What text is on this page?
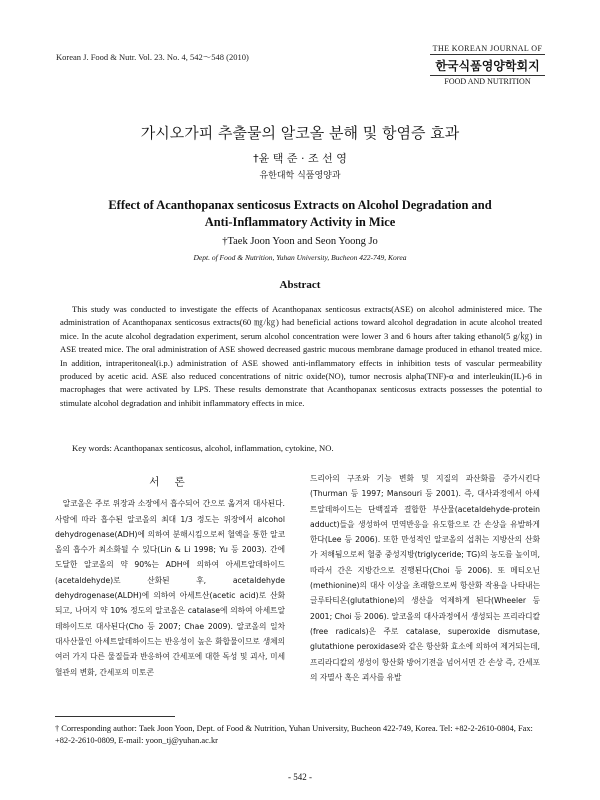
Korean J. Food & Nutr. Vol. 23. No. 4, 542～548 (2010)
THE KOREAN JOURNAL OF
한국식품영양학회지
FOOD AND NUTRITION
가시오가피 추출물의 알코올 분해 및 항염증 효과
†윤 택 준 · 조 선 영
유한대학 식품영양과
Effect of Acanthopanax senticosus Extracts on Alcohol Degradation and
Anti-Inflammatory Activity in Mice
†Taek Joon Yoon and Seon Yoong Jo
Dept. of Food & Nutrition, Yuhan University, Bucheon 422-749, Korea
Abstract
This study was conducted to investigate the effects of Acanthopanax senticosus extracts(ASE) on alcohol administered mice. The administration of Acanthopanax senticosus extracts(60 ㎎/㎏) had beneficial actions toward alcohol degradation in acute alcohol treated mice. In the acute alcohol degradation experiment, serum alcohol concentration were lower 3 and 6 hours after taking ethanol(5 g/㎏) in ASE treated mice. The oral administration of ASE showed decreased gastric mucous membrane damage produced in ethanol treated mice. In addition, intraperitoneal(i.p.) administration of ASE showed anti-inflammatory effects in inhibition tests of vascular permeability produced by acetic acid. ASE also reduced concentrations of nitric oxide(NO), tumor necrosis alpha(TNF)-α and interleukin(IL)-6 in macrophages that were activated by LPS. These results demonstrate that Acanthopanax senticosus extracts possesses the potential to stimulate alcohol degradation and inhibit inflammatory effects in mice.
Key words: Acanthopanax senticosus, alcohol, inflammation, cytokine, NO.
서 론

알코올은 주로 위장과 소장에서 흡수되어 간으로 옮겨져 대사된다. 사람에 따라 흡수된 알코올의 최대 1/3 정도는 위장에서 alcohol dehydrogenase(ADH)에 의하여 분해시킴으로써 혈액을 통한 알코올의 흡수가 최소화될 수 있다(Lin & Li 1998; Yu 등 2003). 간에 도달한 알코올의 약 90%는 ADH에 의하여 아세트알데하이드(acetaldehyde)로 산화된 후, acetaldehyde dehydrogenase(ALDH)에 의하여 아세트산(acetic acid)로 산화되고, 나머지 약 10% 정도의 알코올은 catalase에 의하여 아세트알데하이드로 대사된다(Cho 등 2007; Chae 2009). 알코올의 일차 대사산물인 아세트알데하이드는 반응성이 높은 화합물이므로 생체의 여러 가지 다른 물질들과 반응하여 간세포에 대한 독성 및 괴사, 미세혈관의 변화, 간세포의 미토콘

드리아의 구조와 기능 변화 및 지질의 과산화를 증가시킨다(Thurman 등 1997; Mansouri 등 2001). 즉, 대사과정에서 아세트알데하이드는 단백질과 결합한 부산물(acetaldehyde-protein adduct)들을 생성하여 면역반응을 유도함으로 간 손상을 유발하게 한다(Lee 등 2006). 또한 만성적인 알코올의 섭취는 지방산의 산화가 저해됨으로써 혈중 중성지방(triglyceride; TG)의 농도를 높이며, 따라서 간은 지방간으로 진행된다(Choi 등 2006). 또 메티오닌(methionine)의 대사 이상을 초래함으로써 항산화 작용을 나타내는 글루타티온(glutathione)의 생산을 억제하게 된다(Wheeler 등 2001; Choi 등 2006). 알코올의 대사과정에서 생성되는 프리라디칼(free radicals)은 주로 catalase, superoxide dismutase, glutathione peroxidase와 같은 항산화 효소에 의하여 제거되는데, 프리라디칼의 생성이 항산화 방어기전을 넘어서면 간 손상 즉, 간세포의 자멸사 혹은 괴사를 유발

† Corresponding author: Taek Joon Yoon, Dept. of Food & Nutrition, Yuhan University, Bucheon 422-749, Korea. Tel: +82-2-2610-0804, Fax: +82-2-2610-0809, E-mail: yoon_tj@yuhan.ac.kr
- 542 -
